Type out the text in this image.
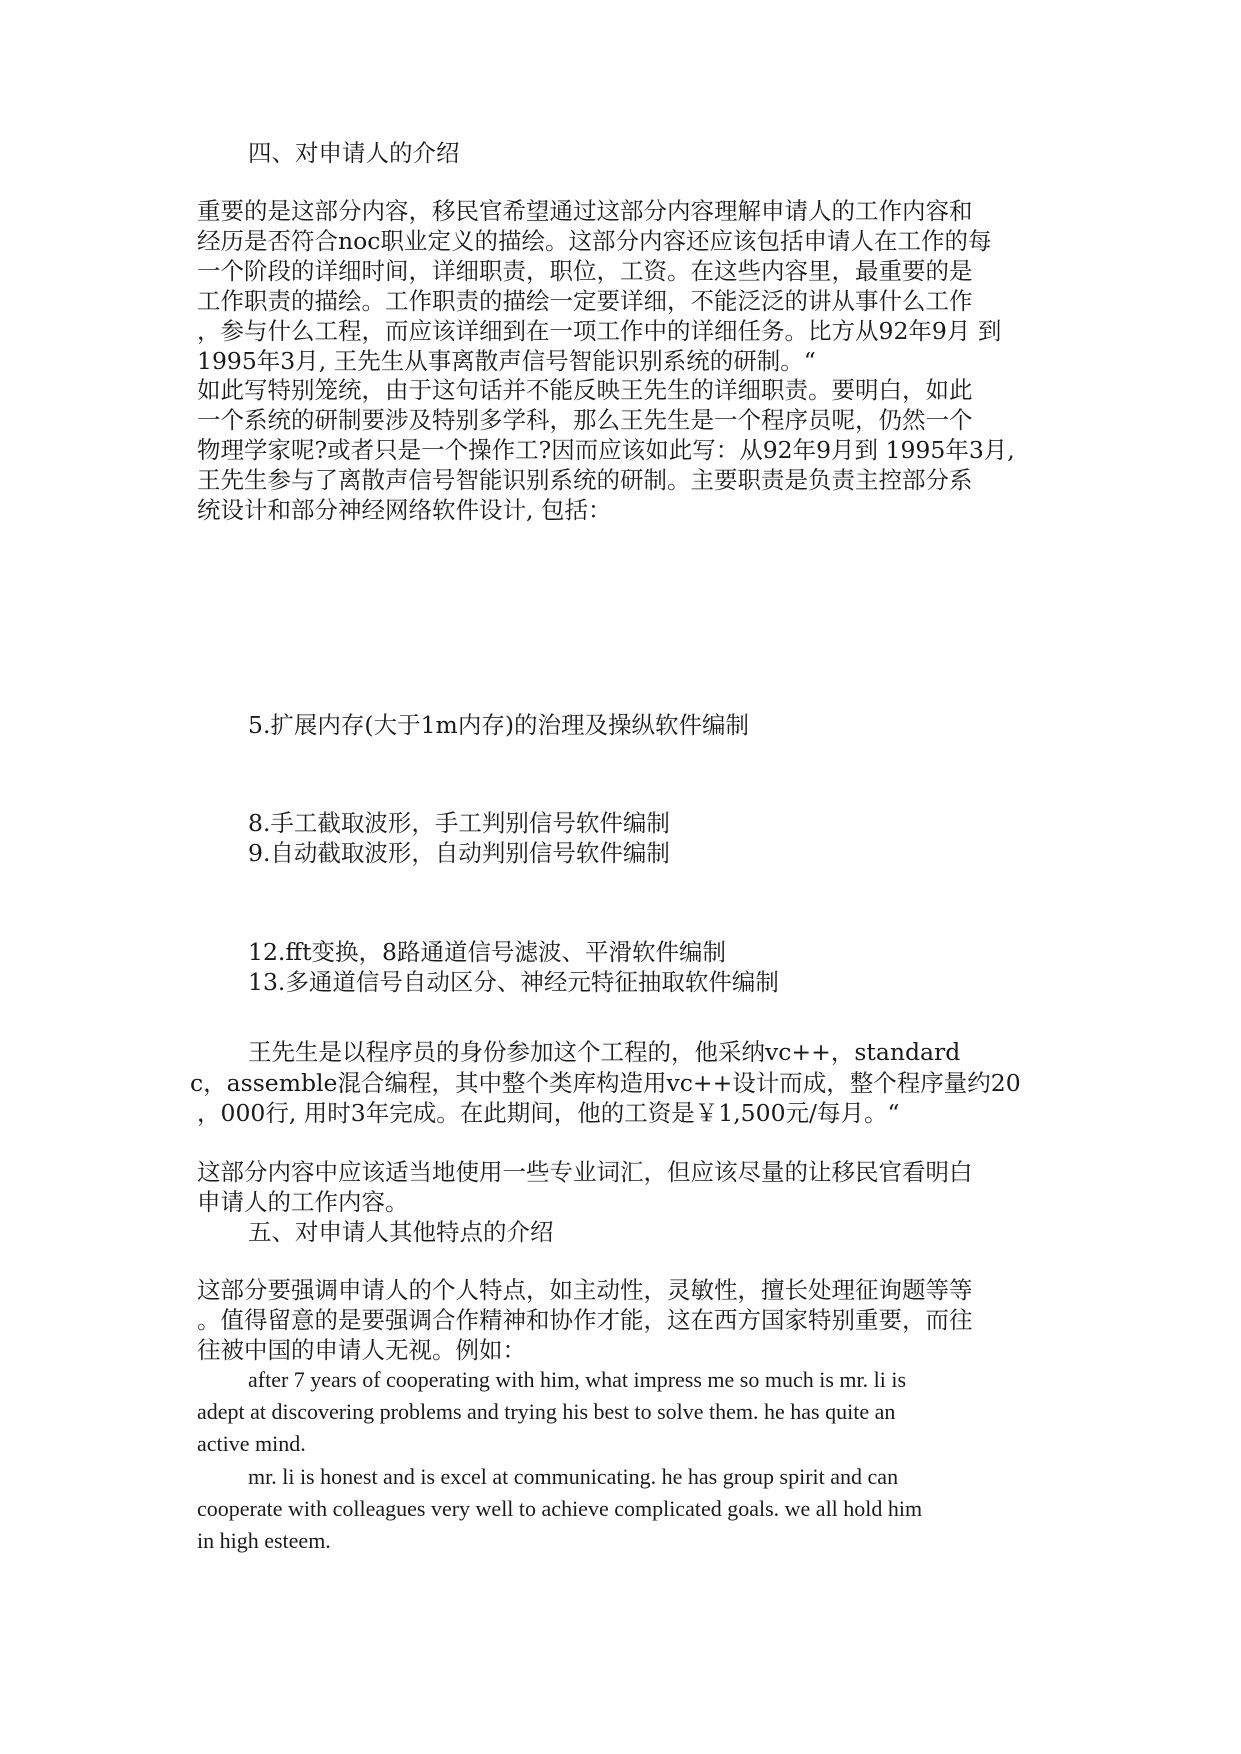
四、对申请人的介绍

重要的是这部分内容，移民官希望通过这部分内容理解申请人的工作内容和

经历是否符合noc职业定义的描绘。这部分内容还应该包括申请人在工作的每

一个阶段的详细时间，详细职责，职位，工资。在这些内容里，最重要的是

工作职责的描绘。工作职责的描绘一定要详细，不能泛泛的讲从事什么工作

，参与什么工程，而应该详细到在一项工作中的详细任务。比方从92年9月 到

1995年3月, 王先生从事离散声信号智能识别系统的研制。“

如此写特别笼统，由于这句话并不能反映王先生的详细职责。要明白，如此

一个系统的研制要涉及特别多学科，那么王先生是一个程序员呢，仍然一个

物理学家呢?或者只是一个操作工?因而应该如此写：从92年9月到 1995年3月,

王先生参与了离散声信号智能识别系统的研制。主要职责是负责主控部分系

统设计和部分神经网络软件设计, 包括：

5.扩展内存(大于1m内存)的治理及操纵软件编制

8.手工截取波形，手工判别信号软件编制

9.自动截取波形，自动判别信号软件编制

12.fft变换，8路通道信号滤波、平滑软件编制

13.多通道信号自动区分、神经元特征抽取软件编制

王先生是以程序员的身份参加这个工程的，他采纳vc++，standard

c，assemble混合编程，其中整个类库构造用vc++设计而成，整个程序量约20

，000行, 用时3年完成。在此期间，他的工资是￥1,500元/每月。“

这部分内容中应该适当地使用一些专业词汇，但应该尽量的让移民官看明白

申请人的工作内容。

五、对申请人其他特点的介绍

这部分要强调申请人的个人特点，如主动性，灵敏性，擅长处理征询题等等

。值得留意的是要强调合作精神和协作才能，这在西方国家特别重要，而往

往被中国的申请人无视。例如：

after 7 years of cooperating with him, what impress me so much is mr. li is

adept at discovering problems and trying his best to solve them. he has quite an

active mind.

mr. li is honest and is excel at communicating. he has group spirit and can

cooperate with colleagues very well to achieve complicated goals. we all hold him

in high esteem.
